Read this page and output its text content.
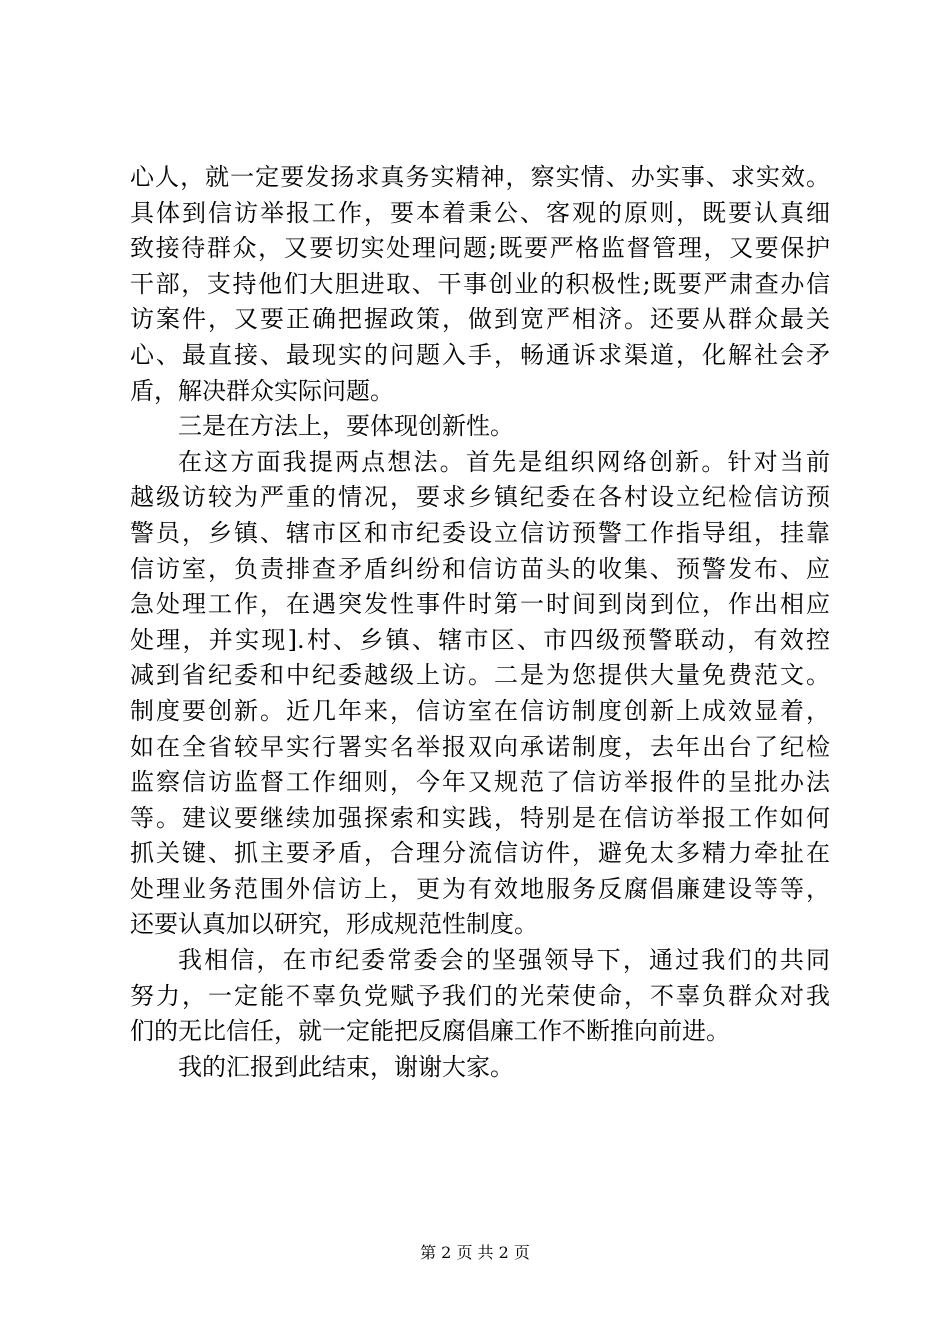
心人，就一定要发扬求真务实精神，察实情、办实事、求实效。
具体到信访举报工作，要本着秉公、客观的原则，既要认真细
致接待群众，又要切实处理问题;既要严格监督管理，又要保护
干部，支持他们大胆进取、干事创业的积极性;既要严肃查办信
访案件，又要正确把握政策，做到宽严相济。还要从群众最关
心、最直接、最现实的问题入手，畅通诉求渠道，化解社会矛
盾，解决群众实际问题。
三是在方法上，要体现创新性。
在这方面我提两点想法。首先是组织网络创新。针对当前
越级访较为严重的情况，要求乡镇纪委在各村设立纪检信访预
警员，乡镇、辖市区和市纪委设立信访预警工作指导组，挂靠
信访室，负责排查矛盾纠纷和信访苗头的收集、预警发布、应
急处理工作，在遇突发性事件时第一时间到岗到位，作出相应
处理，并实现].村、乡镇、辖市区、市四级预警联动，有效控
减到省纪委和中纪委越级上访。二是为您提供大量免费范文。
制度要创新。近几年来，信访室在信访制度创新上成效显着，
如在全省较早实行署实名举报双向承诺制度，去年出台了纪检
监察信访监督工作细则，今年又规范了信访举报件的呈批办法
等。建议要继续加强探索和实践，特别是在信访举报工作如何
抓关键、抓主要矛盾，合理分流信访件，避免太多精力牵扯在
处理业务范围外信访上，更为有效地服务反腐倡廉建设等等，
还要认真加以研究，形成规范性制度。
我相信，在市纪委常委会的坚强领导下，通过我们的共同
努力，一定能不辜负党赋予我们的光荣使命，不辜负群众对我
们的无比信任，就一定能把反腐倡廉工作不断推向前进。
我的汇报到此结束，谢谢大家。
第 2 页 共 2 页
